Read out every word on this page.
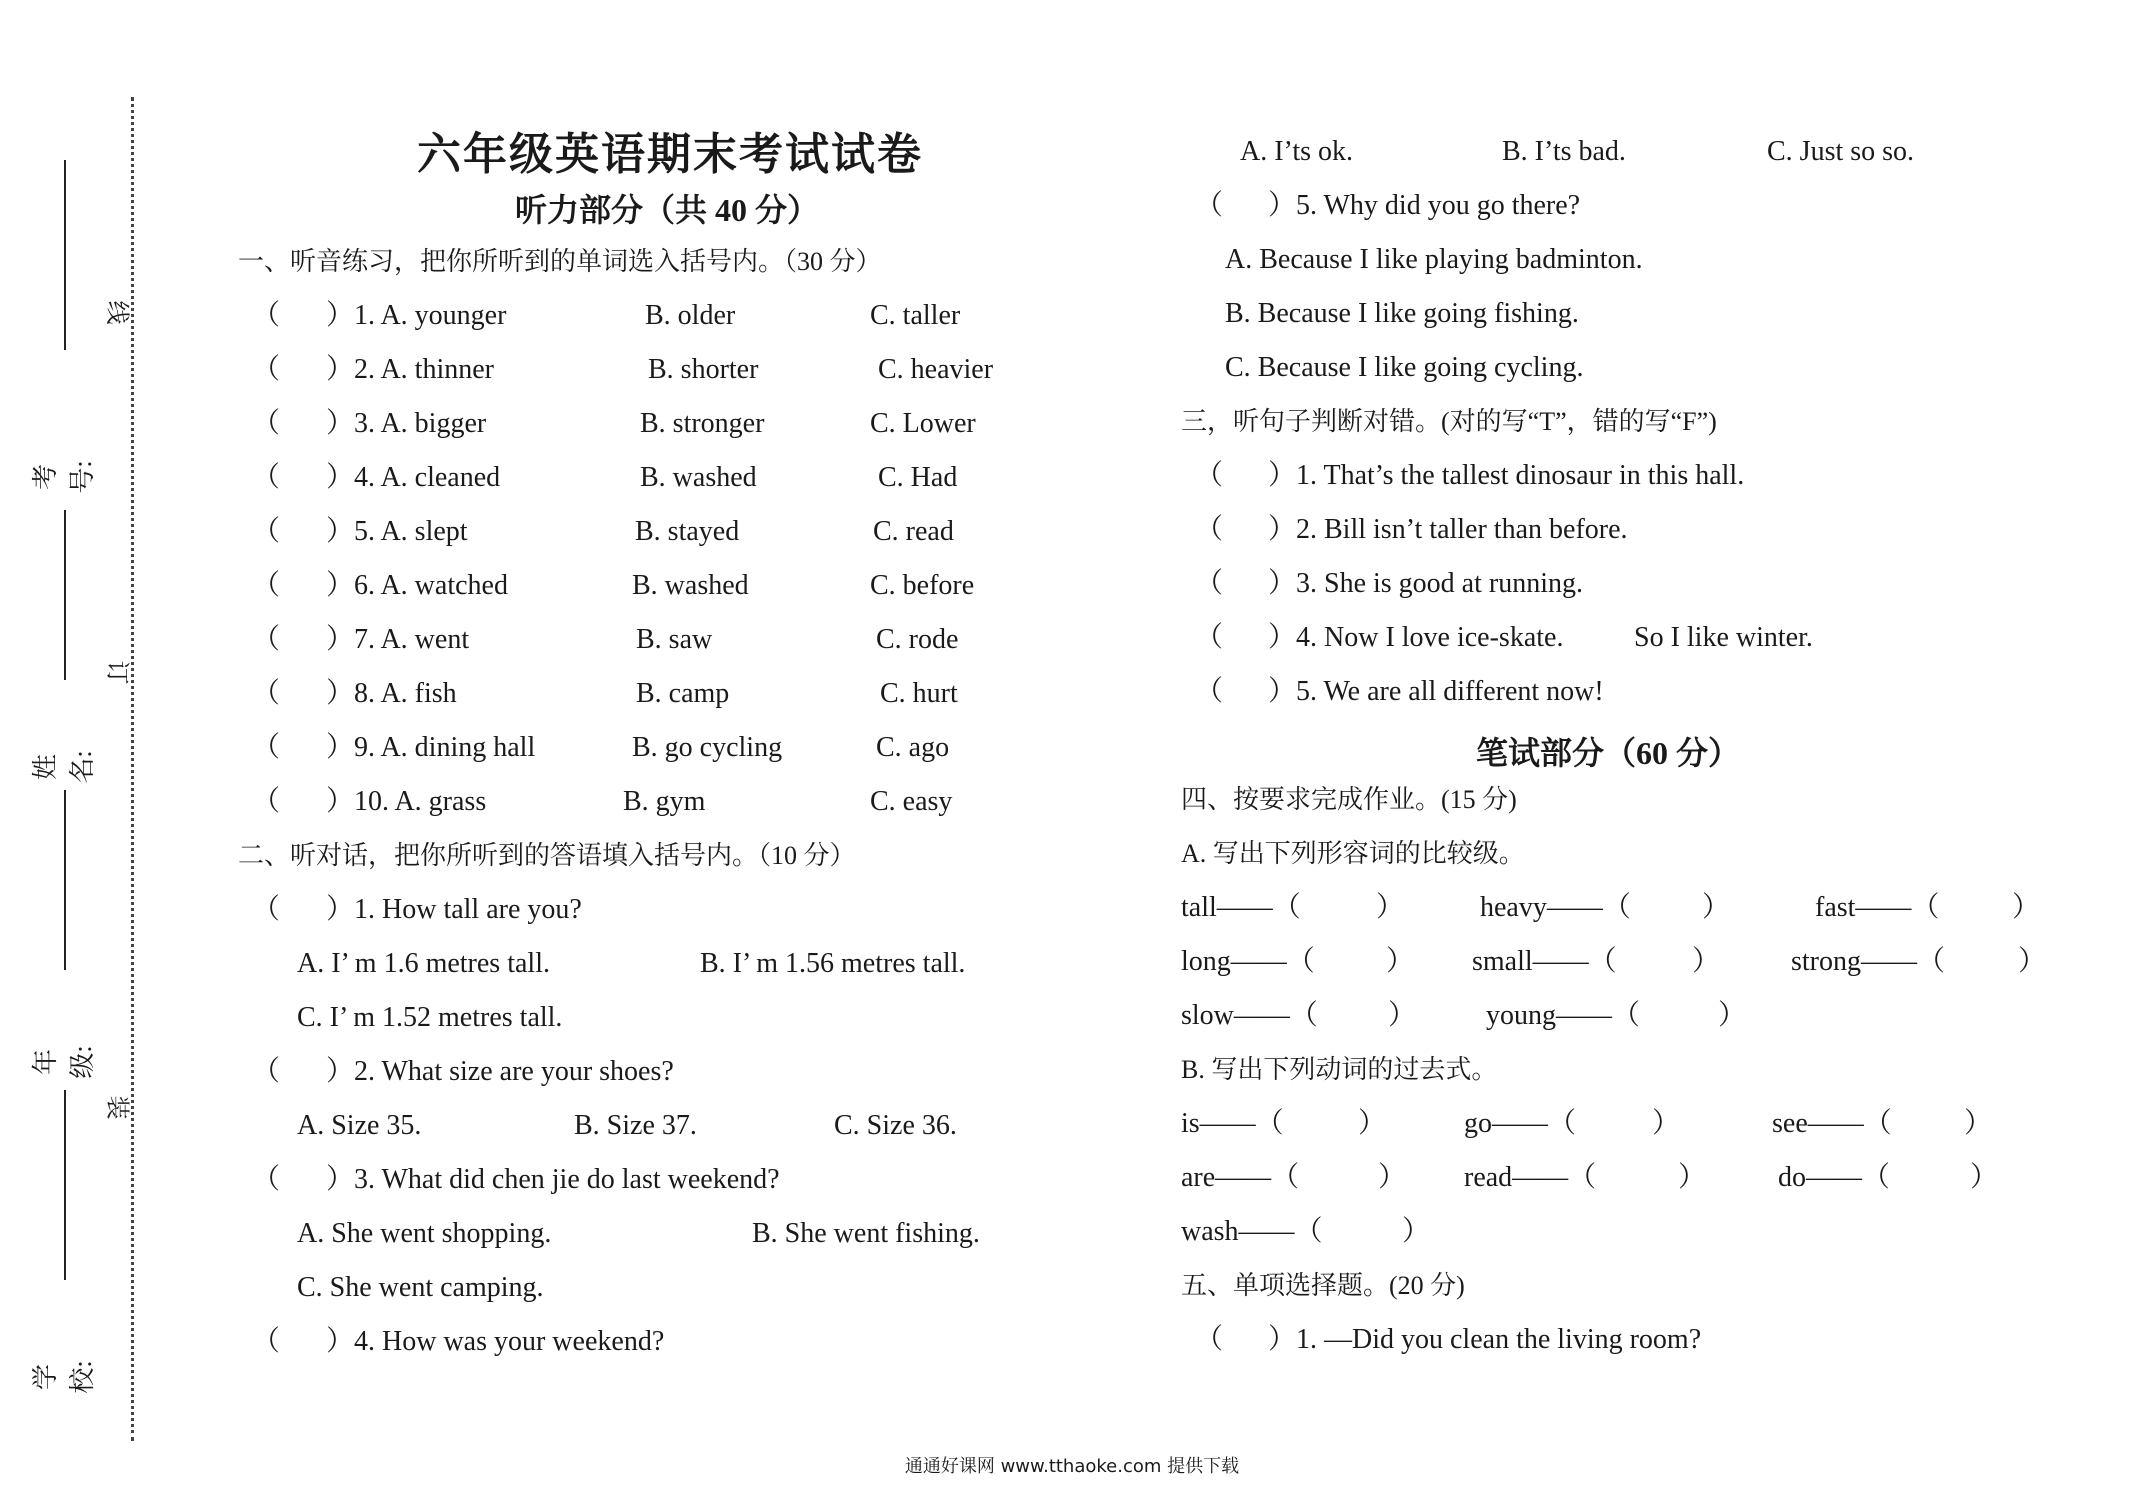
考 号:
姓 名:
年 级:
学 校:
线
订
装
六年级英语期末考试试卷
听力部分（共 40 分）
一、听音练习，把你所听到的单词选入括号内。（30 分）
（ ）1. A. younger	B. older	C. taller
（ ）2. A. thinner	B. shorter	C. heavier
（ ）3. A. bigger	B. stronger	C. Lower
（ ）4. A. cleaned	B. washed	C. Had
（ ）5. A. slept	B. stayed	C. read
（ ）6. A. watched	B. washed	C. before
（ ）7. A. went	B. saw	C. rode
（ ）8. A. fish	B. camp	C. hurt
（ ）9. A. dining hall	B. go cycling	C. ago
（ ）10. A. grass	B. gym	C. easy
二、听对话，把你所听到的答语填入括号内。（10 分）
（ ）1. How tall are you?
A. I’ m 1.6 metres tall.	B. I’ m 1.56 metres tall.
C. I’ m 1.52 metres tall.
（ ）2. What size are your shoes?
A. Size 35.	B. Size 37.	C. Size 36.
（ ）3. What did chen jie do last weekend?
A. She went shopping.	B. She went fishing.
C. She went camping.
（ ）4. How was your weekend?
A. I’ts ok.	B. I’ts bad.	C. Just so so.
（ ）5. Why did you go there?
A. Because I like playing badminton.
B. Because I like going fishing.
C. Because I like going cycling.
三，听句子判断对错。(对的写“T”，错的写“F”)
（ ）1. That’s the tallest dinosaur in this hall.
（ ）2. Bill isn’t taller than before.
（ ）3. She is good at running.
（ ）4. Now I love ice-skate.	So I like winter.
（ ）5. We are all different now!
笔试部分（60 分）
四、按要求完成作业。(15 分)
A. 写出下列形容词的比较级。
tall——（	）	heavy——（	）	fast——（	）
long——（	） small——（	）	strong——（	）
slow——（	） young——（	）
B. 写出下列动词的过去式。
is——（	）	go——（	）	see——（	）
are——（	） read——（	）	do——（	）
wash——（	）
五、单项选择题。(20 分)
（ ）1. —Did you clean the living room?
通通好课网 www.tthaoke.com 提供下载
